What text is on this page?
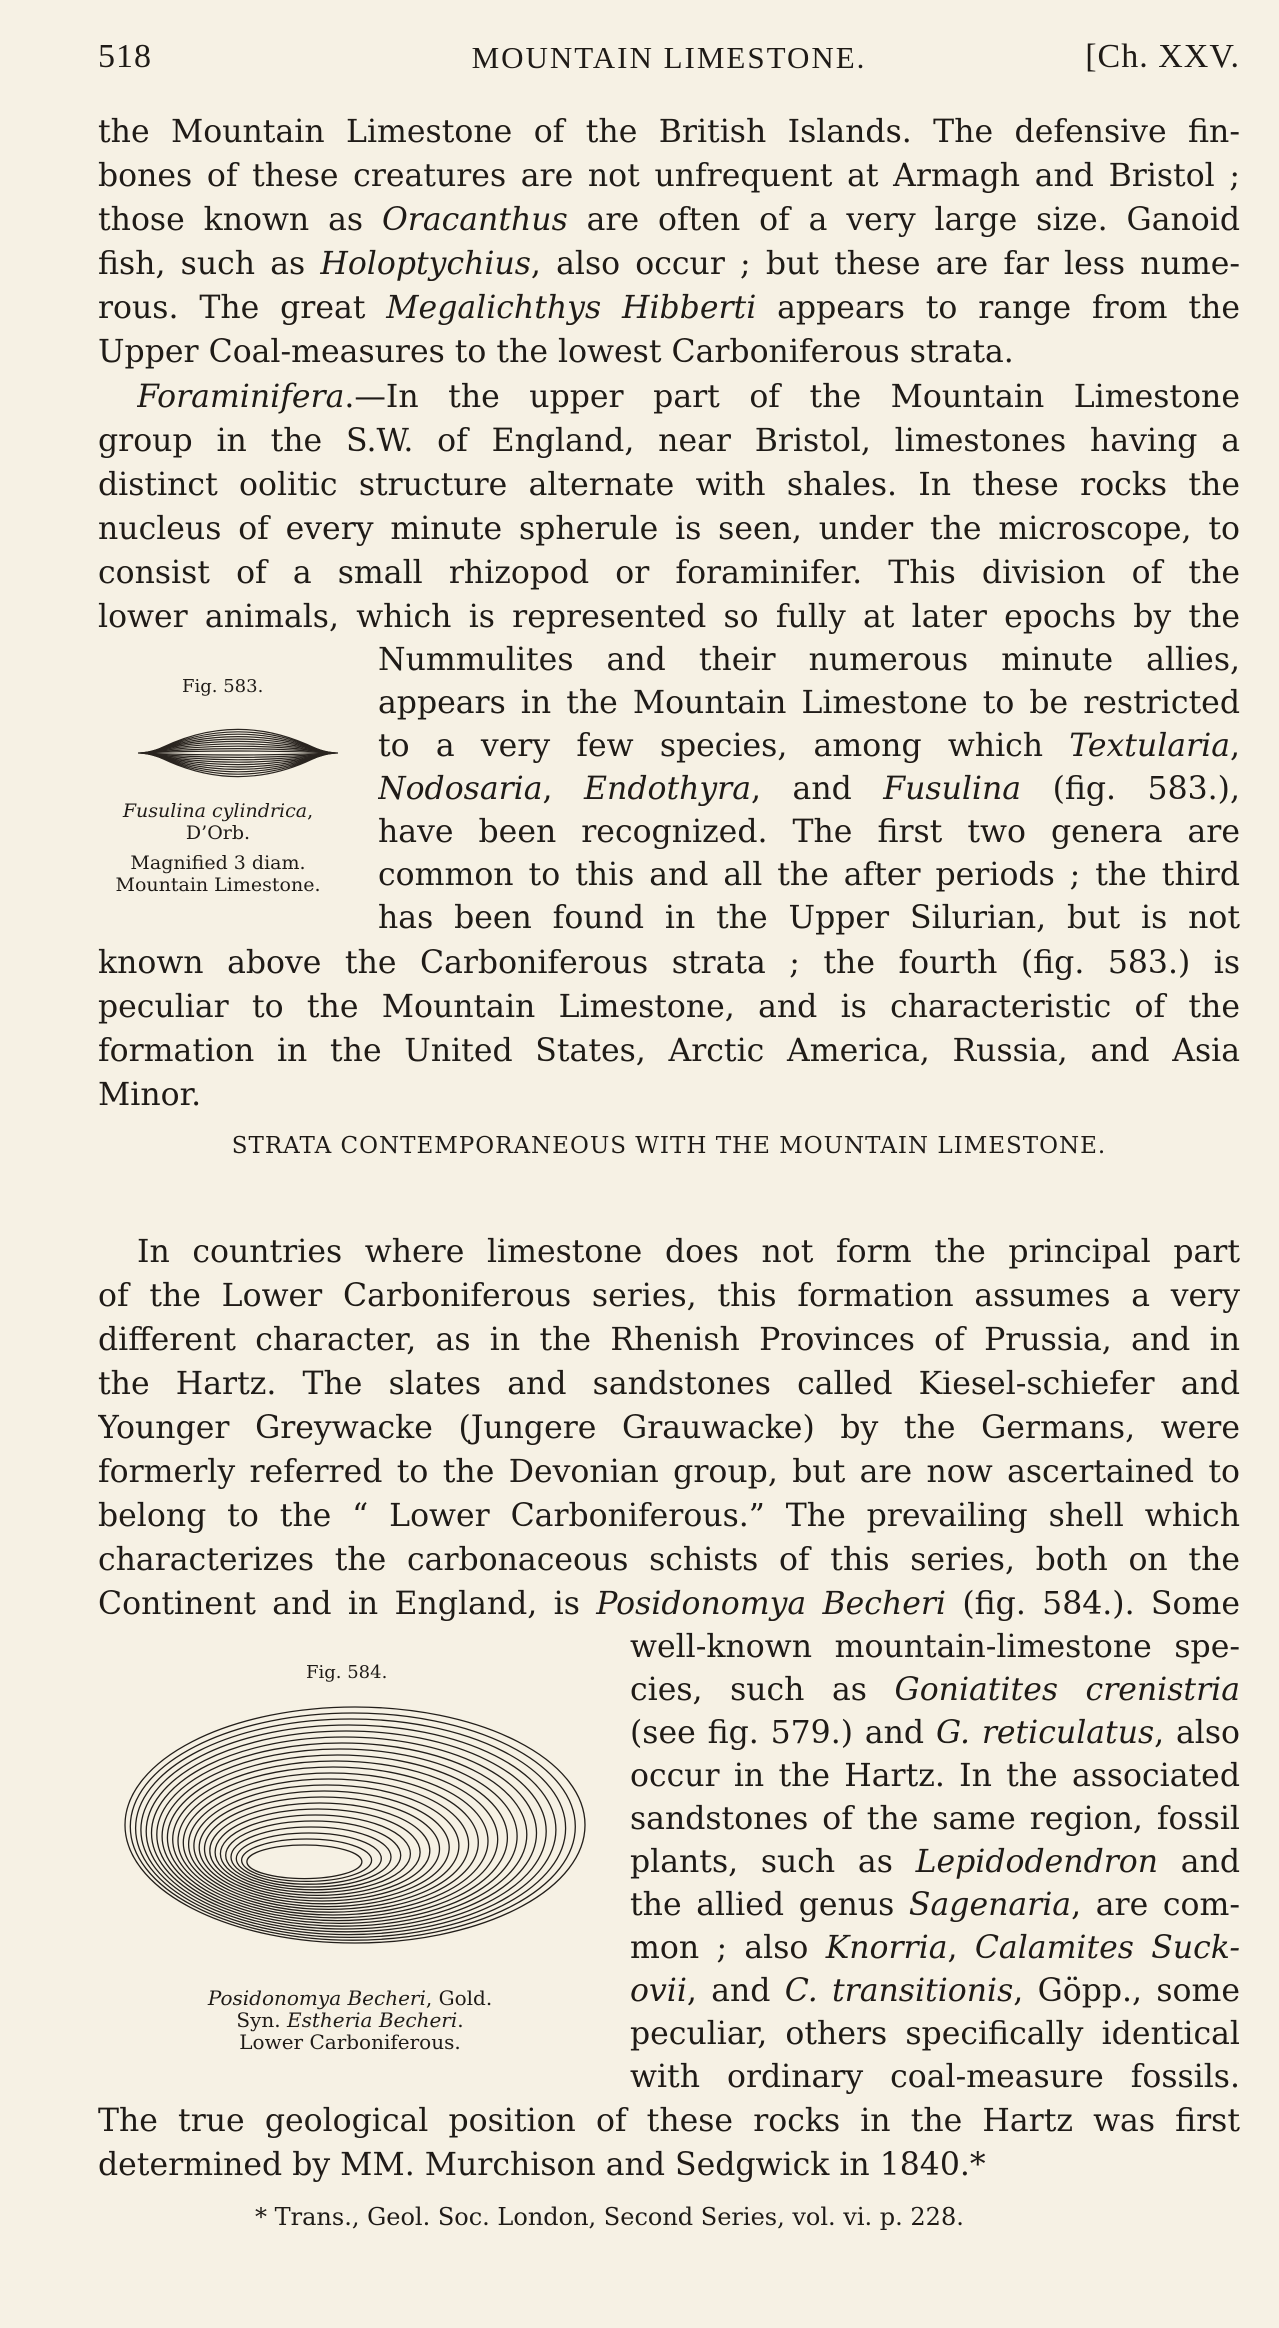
518	MOUNTAIN LIMESTONE.	[Ch. XXV.
the Mountain Limestone of the British Islands. The defensive fin-
bones of these creatures are not unfrequent at Armagh and Bristol ;
those known as Oracanthus are often of a very large size. Ganoid
fish, such as Holoptychius, also occur ; but these are far less nume-
rous. The great Megalichthys Hibberti appears to range from the
Upper Coal-measures to the lowest Carboniferous strata.
Foraminifera.—In the upper part of the Mountain Limestone
group in the S.W. of England, near Bristol, limestones having a
distinct oolitic structure alternate with shales. In these rocks the
nucleus of every minute spherule is seen, under the microscope, to
consist of a small rhizopod or foraminifer. This division of the
lower animals, which is represented so fully at later epochs by the
Nummulites and their numerous minute allies,
appears in the Mountain Limestone to be restricted
to a very few species, among which Textularia,
Nodosaria, Endothyra, and Fusulina (fig. 583.),
have been recognized. The first two genera are
common to this and all the after periods ; the third
has been found in the Upper Silurian, but is not
known above the Carboniferous strata ; the fourth (fig. 583.) is
peculiar to the Mountain Limestone, and is characteristic of the
formation in the United States, Arctic America, Russia, and Asia
Minor.
Fig. 583.
Fusulina cylindrica,
D’Orb.
Magnified 3 diam.
Mountain Limestone.
STRATA CONTEMPORANEOUS WITH THE MOUNTAIN LIMESTONE.
In countries where limestone does not form the principal part
of the Lower Carboniferous series, this formation assumes a very
different character, as in the Rhenish Provinces of Prussia, and in
the Hartz. The slates and sandstones called Kiesel-schiefer and
Younger Greywacke (Jungere Grauwacke) by the Germans, were
formerly referred to the Devonian group, but are now ascertained to
belong to the “ Lower Carboniferous.” The prevailing shell which
characterizes the carbonaceous schists of this series, both on the
Continent and in England, is Posidonomya Becheri (fig. 584.). Some
well-known mountain-limestone spe-
cies, such as Goniatites crenistria
(see fig. 579.) and G. reticulatus, also
occur in the Hartz. In the associated
sandstones of the same region, fossil
plants, such as Lepidodendron and
the allied genus Sagenaria, are com-
mon ; also Knorria, Calamites Suck-
ovii, and C. transitionis, Göpp., some
peculiar, others specifically identical
with ordinary coal-measure fossils.
The true geological position of these rocks in the Hartz was first
determined by MM. Murchison and Sedgwick in 1840.*
Fig. 584.
Posidonomya Becheri, Gold.
Syn. Estheria Becheri.
Lower Carboniferous.
* Trans., Geol. Soc. London, Second Series, vol. vi. p. 228.
